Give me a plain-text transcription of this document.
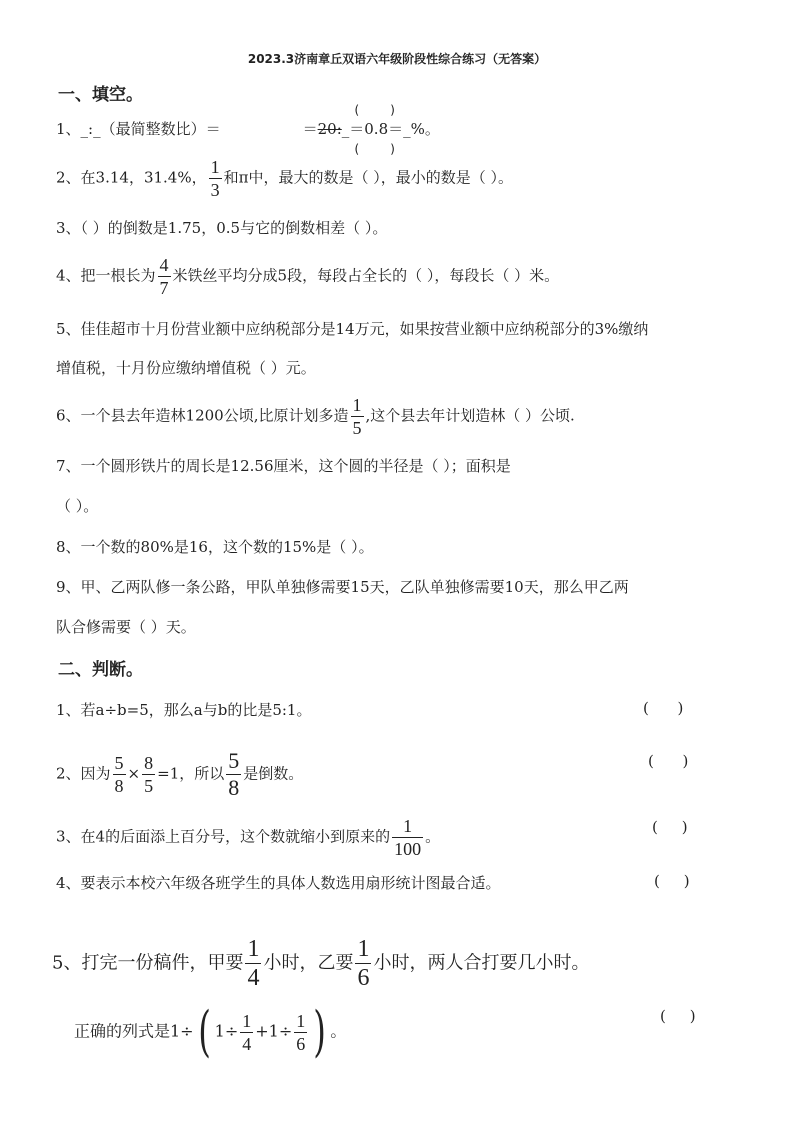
2023.3济南章丘双语六年级阶段性综合练习（无答案）
一、填空。
(    )
(    )
1、_:_（最简整数比）＝	＝20:_＝0.8＝_%。
2、在3.14，31.4%， $\frac{1}{3}$ 和π中，最大的数是（ ），最小的数是（ ）。
3、（ ）的倒数是1.75，0.5与它的倒数相差（ ）。
4、把一根长为 $\frac{4}{7}$ 米铁丝平均分成5段，每段占全长的（ ），每段长（ ）米。
5、佳佳超市十月份营业额中应纳税部分是14万元，如果按营业额中应纳税部分的3%缴纳
增值税，十月份应缴纳增值税（ ）元。
6、一个县去年造林1200公顷,比原计划多造 $\frac{1}{5}$ ,这个县去年计划造林（ ）公顷.
7、一个圆形铁片的周长是12.56厘米，这个圆的半径是（ ）；面积是
（ ）。
8、一个数的80%是16，这个数的15%是（ ）。
9、甲、乙两队修一条公路，甲队单独修需要15天，乙队单独修需要10天，那么甲乙两
队合修需要（ ）天。
二、判断。
1、若a÷b=5，那么a与b的比是5:1。	(      )
2、因为 $\frac{5}{8} \times \frac{8}{5} =1$，所以 $\frac{5}{8}$ 是倒数。
(      )
3、在4的后面添上百分号，这个数就缩小到原来的 $\frac{1}{100}$ 。
(     )
4、要表示本校六年级各班学生的具体人数选用扇形统计图最合适。	(     )
5、打完一份稿件，甲要 $\frac{1}{4}$ 小时，乙要 $\frac{1}{6}$ 小时，两人合打要几小时。
正确的列式是1÷( $1\div \frac{1}{4} +1\div \frac{1}{6}$ ) 。
(     )
